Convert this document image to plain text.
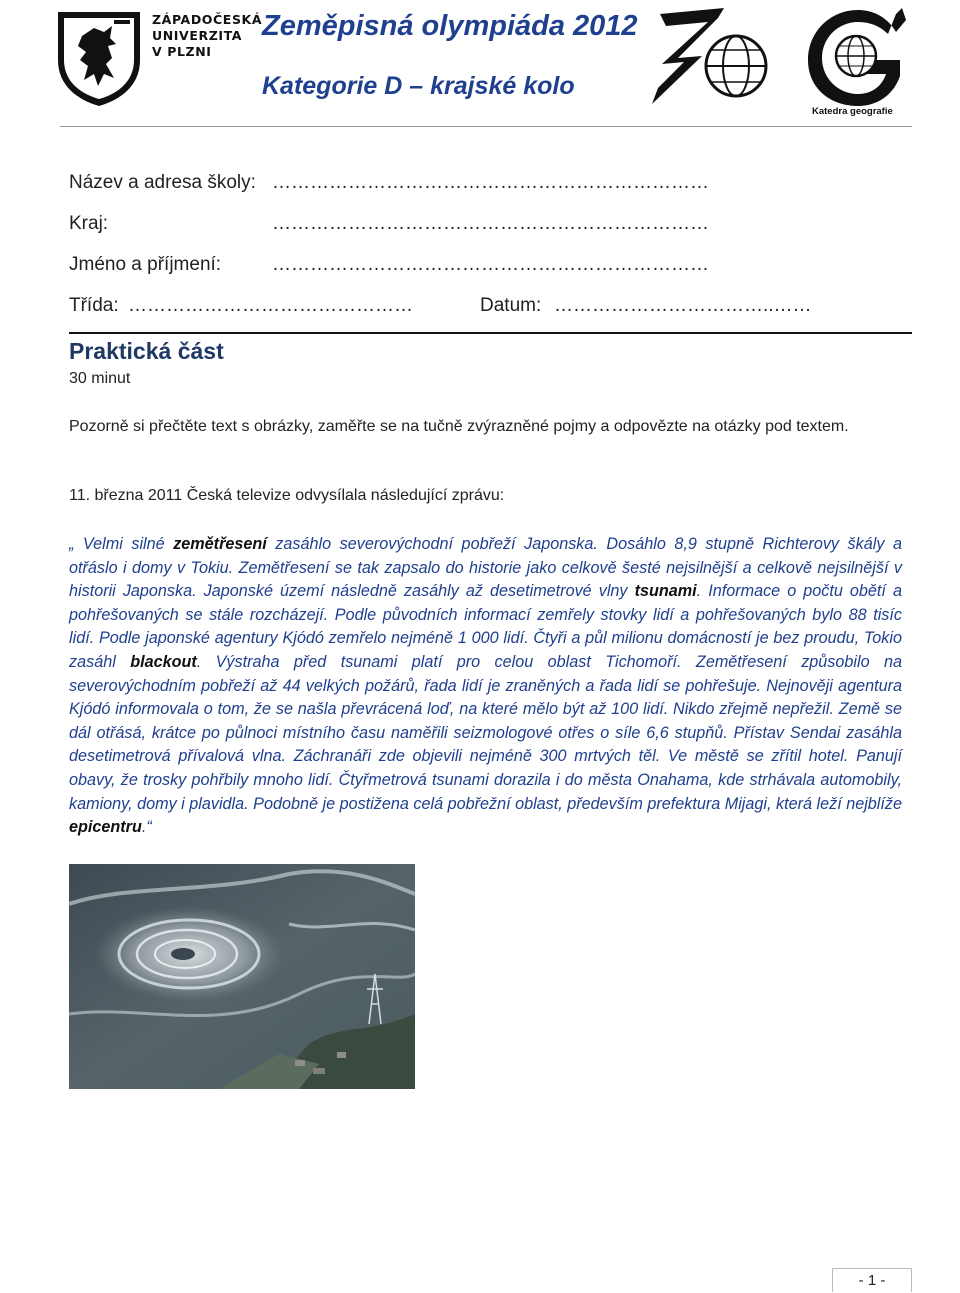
ZÁPADOČESKÁ
UNIVERZITA
V PLZNI
Zeměpisná olympiáda 2012
Kategorie D – krajské kolo
Katedra geografie
Název a adresa školy: ……………………………………………………………
Kraj:	……………………………………………………………
Jméno a příjmení:	……………………………………………………………
Třída: ………………………………………	Datum: ……………………………..……
Praktická část
30 minut
Pozorně si přečtěte text s obrázky, zaměřte se na tučně zvýrazněné pojmy a odpovězte na otázky pod textem.
11. března 2011 Česká televize odvysílala následující zprávu:
„ Velmi silné zemětřesení zasáhlo severovýchodní pobřeží Japonska. Dosáhlo 8,9 stupně Richterovy škály a otřáslo i domy v Tokiu. Zemětřesení se tak zapsalo do historie jako celkově šesté nejsilnější a celkově nejsilnější v historii Japonska. Japonské území následně zasáhly až desetimetrové vlny tsunami. Informace o počtu obětí a pohřešovaných se stále rozcházejí. Podle původních informací zemřely stovky lidí a pohřešovaných bylo 88 tisíc lidí. Podle japonské agentury Kjódó zemřelo nejméně 1 000 lidí. Čtyři a půl milionu domácností je bez proudu, Tokio zasáhl blackout. Výstraha před tsunami platí pro celou oblast Tichomoří. Zemětřesení způsobilo na severovýchodním pobřeží až 44 velkých požárů, řada lidí je zraněných a řada lidí se pohřešuje. Nejnověji agentura Kjódó informovala o tom, že se našla převrácená loď, na které mělo být až 100 lidí. Nikdo zřejmě nepřežil. Země se dál otřásá, krátce po půlnoci místního času naměřili seizmologové otřes o síle 6,6 stupňů. Přístav Sendai zasáhla desetimetrová přívalová vlna. Záchranáři zde objevili nejméně 300 mrtvých těl. Ve městě se zřítil hotel. Panují obavy, že trosky pohřbily mnoho lidí. Čtyřmetrová tsunami dorazila i do města Onahama, kde strhávala automobily, kamiony, domy i plavidla. Podobně je postižena celá pobřežní oblast, především prefektura Mijagi, která leží nejblíže epicentru.“
- 1 -
